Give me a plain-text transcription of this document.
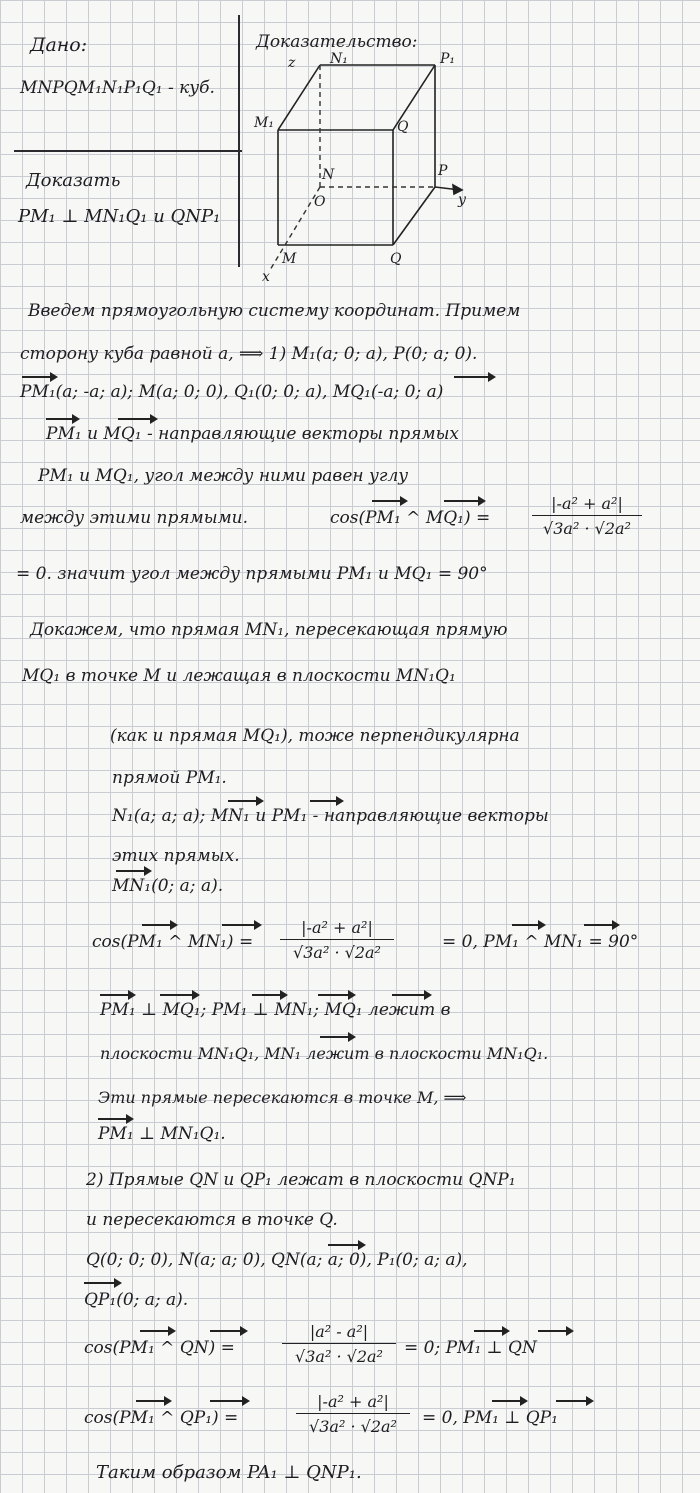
Дано:
MNPQM₁N₁P₁Q₁ - куб.
Доказать
PM₁ ⊥ MN₁Q₁ и QNP₁
Доказательство:
z N₁	P₁
M₁	Q
N
O
P
y
x
M	Q
Введем прямоугольную систему координат. Примем
сторону куба равной a, ⟹ 1) M₁(a; 0; a), P(0; a; 0).
PM₁(a; -a; a); M(a; 0; 0), Q₁(0; 0; a), MQ₁(-a; 0; a)
PM₁ и MQ₁ - направляющие векторы прямых
PM₁ и MQ₁, угол между ними равен углу
между этими прямыми.	cos(PM₁ ^ MQ₁) =	$\frac{\text{|-a² + a²|}}{\text{√3a² · √2a²}}$
= 0. значит угол между прямыми PM₁ и MQ₁ = 90°
Докажем, что прямая MN₁, пересекающая прямую
MQ₁ в точке M и лежащая в плоскости MN₁Q₁
(как и прямая MQ₁), тоже перпендикулярна
прямой PM₁.
N₁(a; a; a); MN₁ и PM₁ - направляющие векторы
этих прямых.
MN₁(0; a; a).
cos(PM₁ ^ $MN_1) = \frac{\text{|-a² + a²|}}{\text{√3a² · √2a²}}$	= 0, PM₁ ^ MN₁ = 90°
PM₁ ⊥ MQ₁; PM₁ ⊥ MN₁; MQ₁ лежит в
плоскости MN₁Q₁, MN₁ лежит в плоскости MN₁Q₁.
Эти прямые пересекаются в точке M, ⟹
PM₁ ⊥ MN₁Q₁.
2) Прямые QN и QP₁ лежат в плоскости QNP₁
и пересекаются в точке Q.
Q(0; 0; 0), N(a; a; 0), QN(a; a; 0), P₁(0; a; a),
QP₁(0; a; a).
cos(PM₁ ^ QN) =	$\frac{\text{|a² - a²|}}{\text{√3a² · √2a²}} = 0$; PM₁ ⊥ QN
cos(PM₁ ^ QP₁) =	$\frac{\text{|-a² + a²|}}{\text{√3a² · √2a²}} = 0$, PM₁ ⊥ QP₁
Таким образом PA₁ ⊥ QNP₁.
